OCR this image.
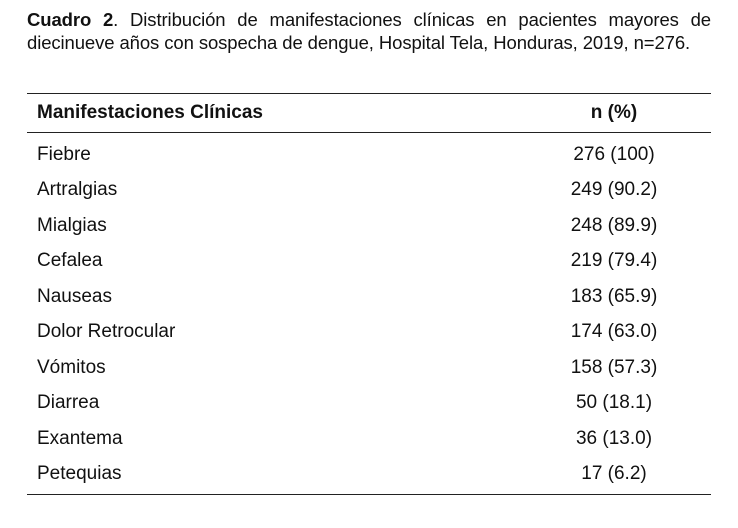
Cuadro 2. Distribución de manifestaciones clínicas en pacientes mayores de diecinueve años con sospecha de dengue, Hospital Tela, Honduras, 2019, n=276.
Manifestaciones Clínicas	n (%)
Fiebre	276 (100)
Artralgias	249 (90.2)
Mialgias	248 (89.9)
Cefalea	219 (79.4)
Nauseas	183 (65.9)
Dolor Retrocular	174 (63.0)
Vómitos	158 (57.3)
Diarrea	50 (18.1)
Exantema	36 (13.0)
Petequias	17 (6.2)
